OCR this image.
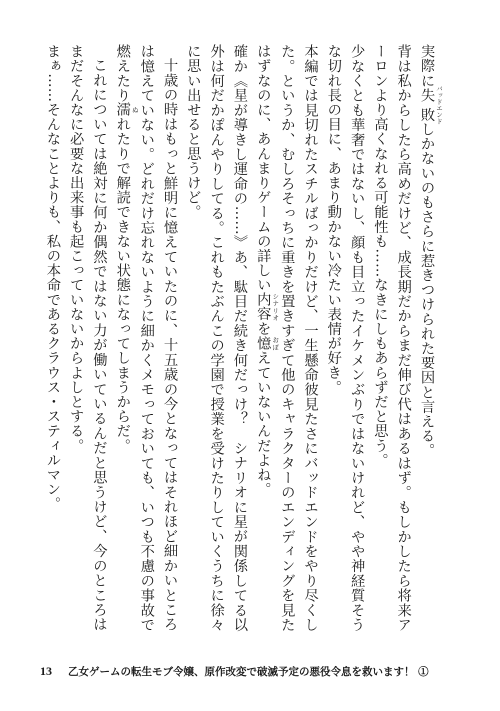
実際に失敗 バッドエンドしかないのもさらに惹きつけられた要因と言える。

背は私からしたら高めだけど、成長期だからまだ伸び代はあるはず。もしかしたら将来アーロンより高くなれる可能性も……なきにしもあらずだと思う。

少なくとも華奢ではないし、顔も目立ったイケメンぶりではないけれど、やや神経質そうな切れ長の目に、あまり動かない冷たい表情が好き。

本編では見切れたスチルばっかりだけど、一生懸命彼見たさにバッドエンドをやり尽くした。というか、むしろそっちに重きを置きすぎて他のキャラクターのエンディングを見たはずなのに、あんまりゲームの詳しい内容 シナリオを憶 おぼえていないんだよね。

確か《星が導きし運命の……》あ、駄目だ続き何だっけ？　シナリオに星が関係してる以外は何だかぽんやりしてる。これもたぶんこの学園で授業を受けたりしていくうちに徐々に思い出せると思うけど。

十歳の時はもっと鮮明に憶えていたのに、十五歳の今となってはそれほど細かいところは憶えていない。どれだけ忘れないように細かくメモっておいても、いつも不慮の事故で燃えたり濡 ぬれたりで解読できない状態になってしまうからだ。

これについては絶対に何か偶然ではない力が働いているんだと思うけど、今のところはまだそんなに必要な出来事も起こっていないからよしとする。

まぁ……そんなことよりも、私の本命であるクラウス・スティルマン。

13 乙女ゲームの転生モブ令嬢、原作改変で破滅予定の悪役令息を救います！ ①
